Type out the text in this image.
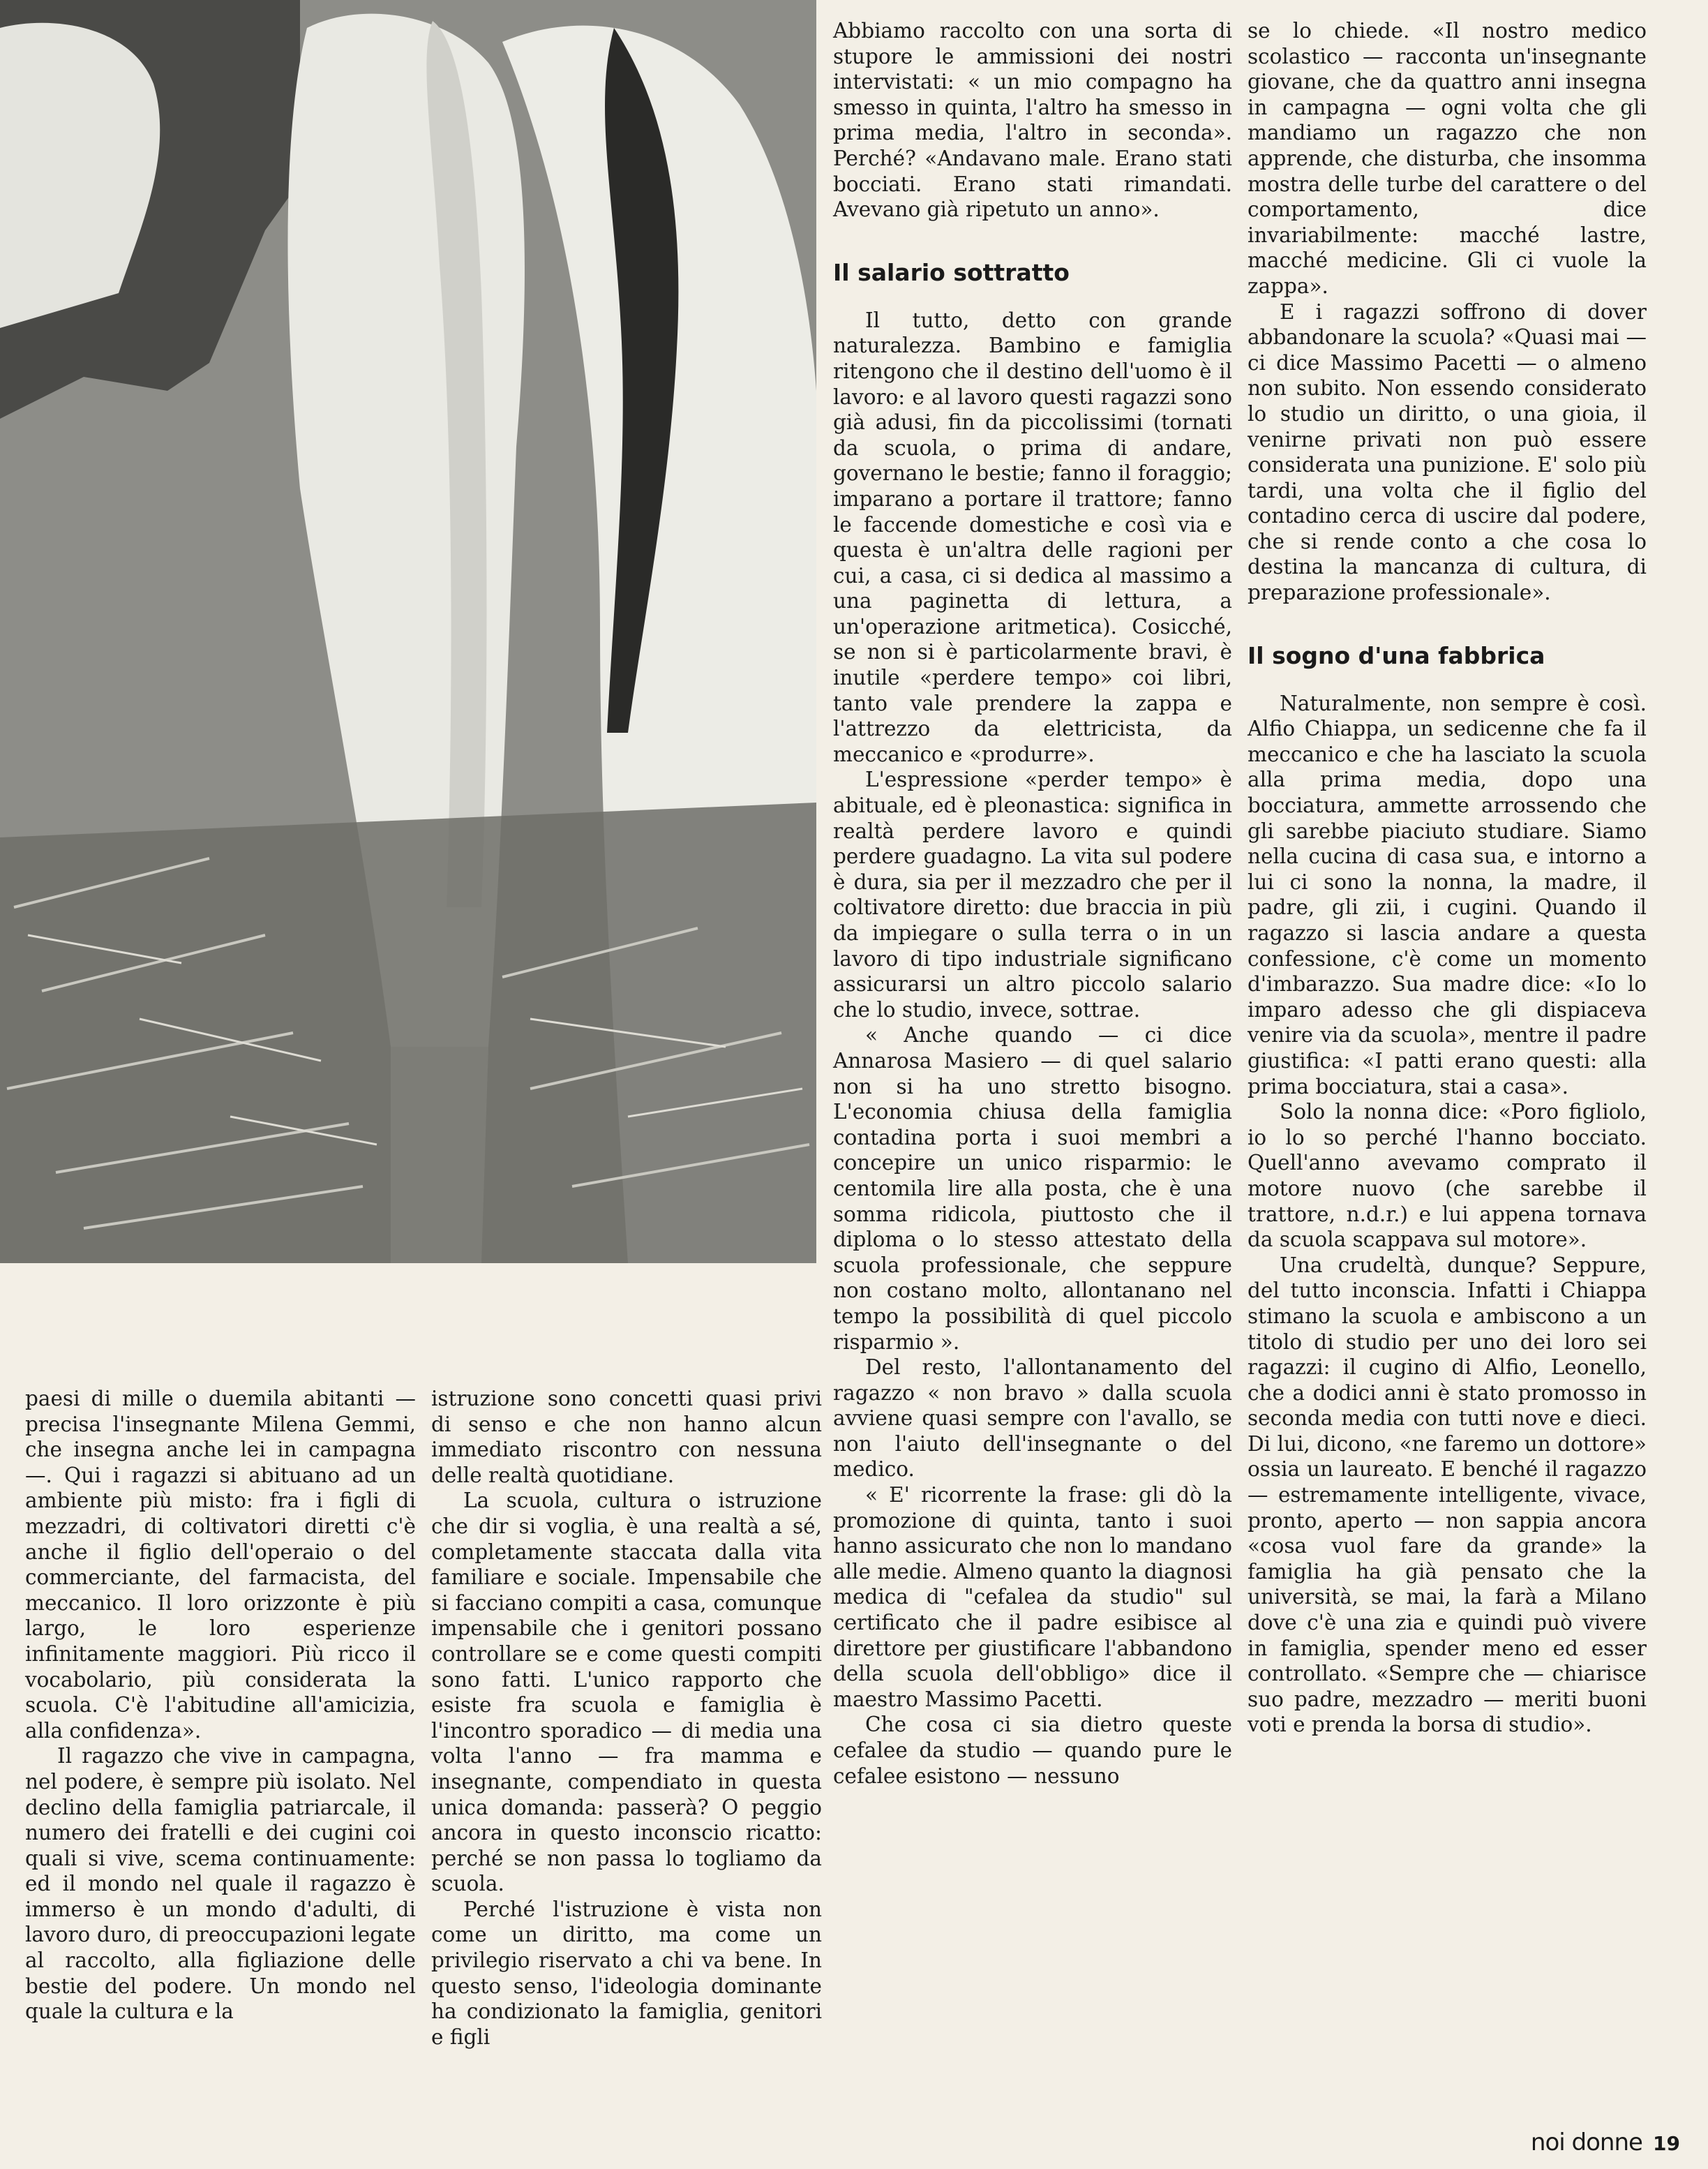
Abbiamo raccolto con una sorta di stupore le ammissioni dei nostri intervistati: « un mio compagno ha smesso in quinta, l'altro ha smesso in prima media, l'altro in seconda». Perché? «Andavano male. Erano stati bocciati. Erano stati rimandati. Avevano già ripetuto un anno».

Il salario sottratto

Il tutto, detto con grande naturalezza. Bambino e famiglia ritengono che il destino dell'uomo è il lavoro: e al lavoro questi ragazzi sono già adusi, fin da piccolissimi (tornati da scuola, o prima di andare, governano le bestie; fanno il foraggio; imparano a portare il trattore; fanno le faccende domestiche e così via e questa è un'altra delle ragioni per cui, a casa, ci si dedica al massimo a una paginetta di lettura, a un'operazione aritmetica). Cosicché, se non si è particolarmente bravi, è inutile «perdere tempo» coi libri, tanto vale prendere la zappa e l'attrezzo da elettricista, da meccanico e «produrre».

L'espressione «perder tempo» è abituale, ed è pleonastica: significa in realtà perdere lavoro e quindi perdere guadagno. La vita sul podere è dura, sia per il mezzadro che per il coltivatore diretto: due braccia in più da impiegare o sulla terra o in un lavoro di tipo industriale significano assicurarsi un altro piccolo salario che lo studio, invece, sottrae.

« Anche quando — ci dice Annarosa Masiero — di quel salario non si ha uno stretto bisogno. L'economia chiusa della famiglia contadina porta i suoi membri a concepire un unico risparmio: le centomila lire alla posta, che è una somma ridicola, piuttosto che il diploma o lo stesso attestato della scuola professionale, che seppure non costano molto, allontanano nel tempo la possibilità di quel piccolo risparmio ».

Del resto, l'allontanamento del ragazzo « non bravo » dalla scuola avviene quasi sempre con l'avallo, se non l'aiuto dell'insegnante o del medico.

« E' ricorrente la frase: gli dò la promozione di quinta, tanto i suoi hanno assicurato che non lo mandano alle medie. Almeno quanto la diagnosi medica di "cefalea da studio" sul certificato che il padre esibisce al direttore per giustificare l'abbandono della scuola dell'obbligo» dice il maestro Massimo Pacetti.

Che cosa ci sia dietro queste cefalee da studio — quando pure le cefalee esistono — nessuno

se lo chiede. «Il nostro medico scolastico — racconta un'insegnante giovane, che da quattro anni insegna in campagna — ogni volta che gli mandiamo un ragazzo che non apprende, che disturba, che insomma mostra delle turbe del carattere o del comportamento, dice invariabilmente: macché lastre, macché medicine. Gli ci vuole la zappa».

E i ragazzi soffrono di dover abbandonare la scuola? «Quasi mai — ci dice Massimo Pacetti — o almeno non subito. Non essendo considerato lo studio un diritto, o una gioia, il venirne privati non può essere considerata una punizione. E' solo più tardi, una volta che il figlio del contadino cerca di uscire dal podere, che si rende conto a che cosa lo destina la mancanza di cultura, di preparazione professionale».

Il sogno d'una fabbrica

Naturalmente, non sempre è così. Alfio Chiappa, un sedicenne che fa il meccanico e che ha lasciato la scuola alla prima media, dopo una bocciatura, ammette arrossendo che gli sarebbe piaciuto studiare. Siamo nella cucina di casa sua, e intorno a lui ci sono la nonna, la madre, il padre, gli zii, i cugini. Quando il ragazzo si lascia andare a questa confessione, c'è come un momento d'imbarazzo. Sua madre dice: «Io lo imparo adesso che gli dispiaceva venire via da scuola», mentre il padre giustifica: «I patti erano questi: alla prima bocciatura, stai a casa».

Solo la nonna dice: «Poro figliolo, io lo so perché l'hanno bocciato. Quell'anno avevamo comprato il motore nuovo (che sarebbe il trattore, n.d.r.) e lui appena tornava da scuola scappava sul motore».

Una crudeltà, dunque? Seppure, del tutto inconscia. Infatti i Chiappa stimano la scuola e ambiscono a un titolo di studio per uno dei loro sei ragazzi: il cugino di Alfio, Leonello, che a dodici anni è stato promosso in seconda media con tutti nove e dieci. Di lui, dicono, «ne faremo un dottore» ossia un laureato. E benché il ragazzo — estremamente intelligente, vivace, pronto, aperto — non sappia ancora «cosa vuol fare da grande» la famiglia ha già pensato che la università, se mai, la farà a Milano dove c'è una zia e quindi può vivere in famiglia, spender meno ed esser controllato. «Sempre che — chiarisce suo padre, mezzadro — meriti buoni voti e prenda la borsa di studio».

paesi di mille o duemila abitanti — precisa l'insegnante Milena Gemmi, che insegna anche lei in campagna —. Qui i ragazzi si abituano ad un ambiente più misto: fra i figli di mezzadri, di coltivatori diretti c'è anche il figlio dell'operaio o del commerciante, del farmacista, del meccanico. Il loro orizzonte è più largo, le loro esperienze infinitamente maggiori. Più ricco il vocabolario, più considerata la scuola. C'è l'abitudine all'amicizia, alla confidenza».

Il ragazzo che vive in campagna, nel podere, è sempre più isolato. Nel declino della famiglia patriarcale, il numero dei fratelli e dei cugini coi quali si vive, scema continuamente: ed il mondo nel quale il ragazzo è immerso è un mondo d'adulti, di lavoro duro, di preoccupazioni legate al raccolto, alla figliazione delle bestie del podere. Un mondo nel quale la cultura e la

istruzione sono concetti quasi privi di senso e che non hanno alcun immediato riscontro con nessuna delle realtà quotidiane.

La scuola, cultura o istruzione che dir si voglia, è una realtà a sé, completamente staccata dalla vita familiare e sociale. Impensabile che si facciano compiti a casa, comunque impensabile che i genitori possano controllare se e come questi compiti sono fatti. L'unico rapporto che esiste fra scuola e famiglia è l'incontro sporadico — di media una volta l'anno — fra mamma e insegnante, compendiato in questa unica domanda: passerà? O peggio ancora in questo inconscio ricatto: perché se non passa lo togliamo da scuola.

Perché l'istruzione è vista non come un diritto, ma come un privilegio riservato a chi va bene. In questo senso, l'ideologia dominante ha condizionato la famiglia, genitori e figli

noi donne 19
